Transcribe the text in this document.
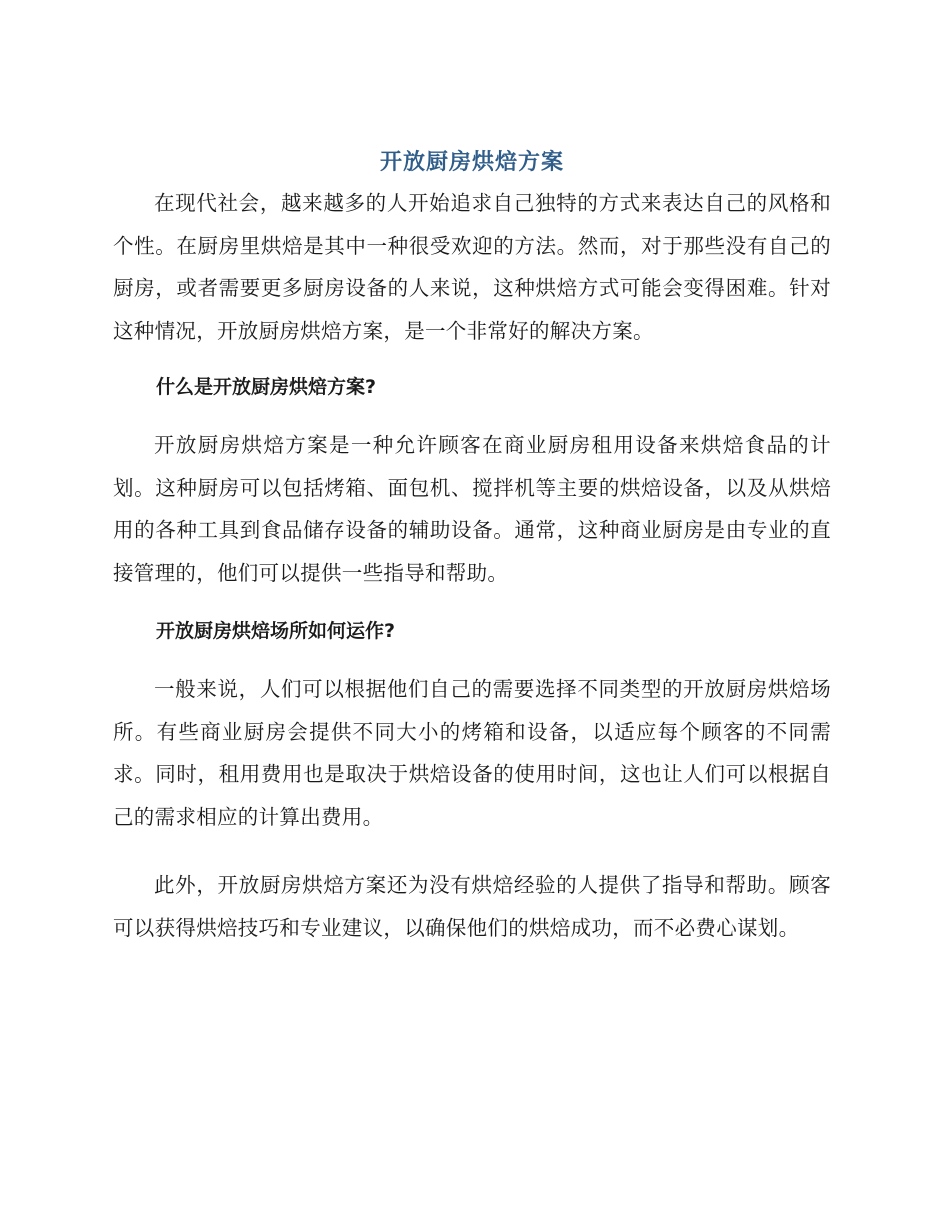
开放厨房烘焙方案

在现代社会，越来越多的人开始追求自己独特的方式来表达自己的风格和个性。在厨房里烘焙是其中一种很受欢迎的方法。然而，对于那些没有自己的厨房，或者需要更多厨房设备的人来说，这种烘焙方式可能会变得困难。针对这种情况，开放厨房烘焙方案，是一个非常好的解决方案。

什么是开放厨房烘焙方案?

开放厨房烘焙方案是一种允许顾客在商业厨房租用设备来烘焙食品的计划。这种厨房可以包括烤箱、面包机、搅拌机等主要的烘焙设备，以及从烘焙用的各种工具到食品储存设备的辅助设备。通常，这种商业厨房是由专业的直接管理的，他们可以提供一些指导和帮助。

开放厨房烘焙场所如何运作?

一般来说，人们可以根据他们自己的需要选择不同类型的开放厨房烘焙场所。有些商业厨房会提供不同大小的烤箱和设备，以适应每个顾客的不同需求。同时，租用费用也是取决于烘焙设备的使用时间，这也让人们可以根据自己的需求相应的计算出费用。

此外，开放厨房烘焙方案还为没有烘焙经验的人提供了指导和帮助。顾客可以获得烘焙技巧和专业建议，以确保他们的烘焙成功，而不必费心谋划。
